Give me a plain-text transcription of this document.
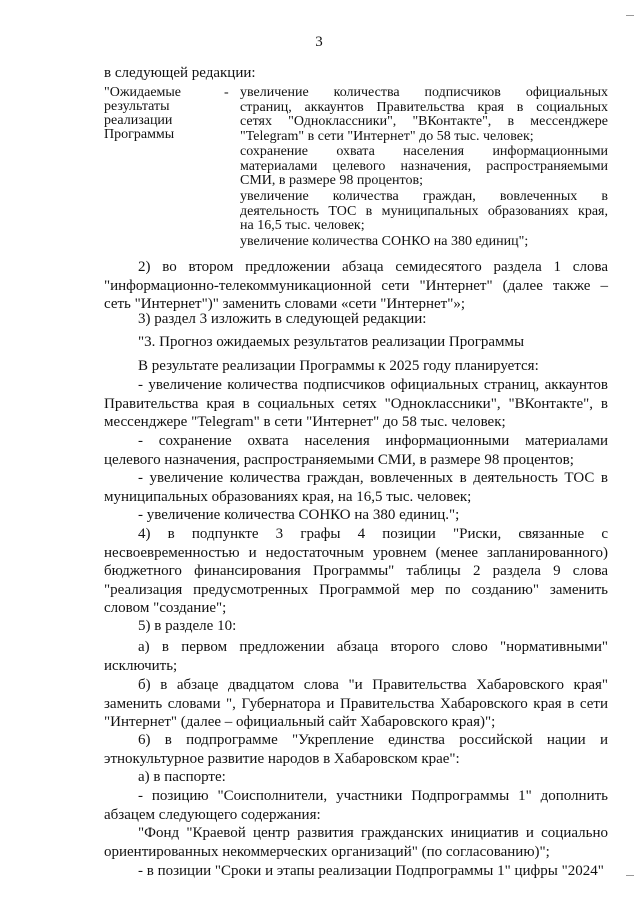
3
в следующей редакции:
"Ожидаемые
результаты
реализации
Программы
- увеличение количества подписчиков официальных
страниц, аккаунтов Правительства края в социальных
сетях "Одноклассники", "ВКонтакте", в мессенджере
"Telegram" в сети "Интернет" до 58 тыс. человек;
сохранение охвата населения информационными
материалами целевого назначения, распространяемыми
СМИ, в размере 98 процентов;
увеличение количества граждан, вовлеченных в
деятельность ТОС в муниципальных образованиях края,
на 16,5 тыс. человек;
увеличение количества СОНКО на 380 единиц";
2) во втором предложении абзаца семидесятого раздела 1 слова
"информационно-телекоммуникационной сети "Интернет" (далее также –
сеть "Интернет")" заменить словами «сети "Интернет"»;
3) раздел 3 изложить в следующей редакции:
"3. Прогноз ожидаемых результатов реализации Программы
В результате реализации Программы к 2025 году планируется:
- увеличение количества подписчиков официальных страниц, аккаунтов
Правительства края в социальных сетях "Одноклассники", "ВКонтакте", в
мессенджере "Telegram" в сети "Интернет" до 58 тыс. человек;
- сохранение охвата населения информационными материалами
целевого назначения, распространяемыми СМИ, в размере 98 процентов;
- увеличение количества граждан, вовлеченных в деятельность ТОС в
муниципальных образованиях края, на 16,5 тыс. человек;
- увеличение количества СОНКО на 380 единиц.";
4) в подпункте 3 графы 4 позиции "Риски, связанные с
несвоевременностью и недостаточным уровнем (менее запланированного)
бюджетного финансирования Программы" таблицы 2 раздела 9 слова
"реализация предусмотренных Программой мер по созданию" заменить
словом "создание";
5) в разделе 10:
а) в первом предложении абзаца второго слово "нормативными"
исключить;
б) в абзаце двадцатом слова "и Правительства Хабаровского края"
заменить словами ", Губернатора и Правительства Хабаровского края в сети
"Интернет" (далее – официальный сайт Хабаровского края)";
6) в подпрограмме "Укрепление единства российской нации и
этнокультурное развитие народов в Хабаровском крае":
а) в паспорте:
- позицию "Соисполнители, участники Подпрограммы 1" дополнить
абзацем следующего содержания:
"Фонд "Краевой центр развития гражданских инициатив и социально
ориентированных некоммерческих организаций" (по согласованию)";
- в позиции "Сроки и этапы реализации Подпрограммы 1" цифры "2024"
